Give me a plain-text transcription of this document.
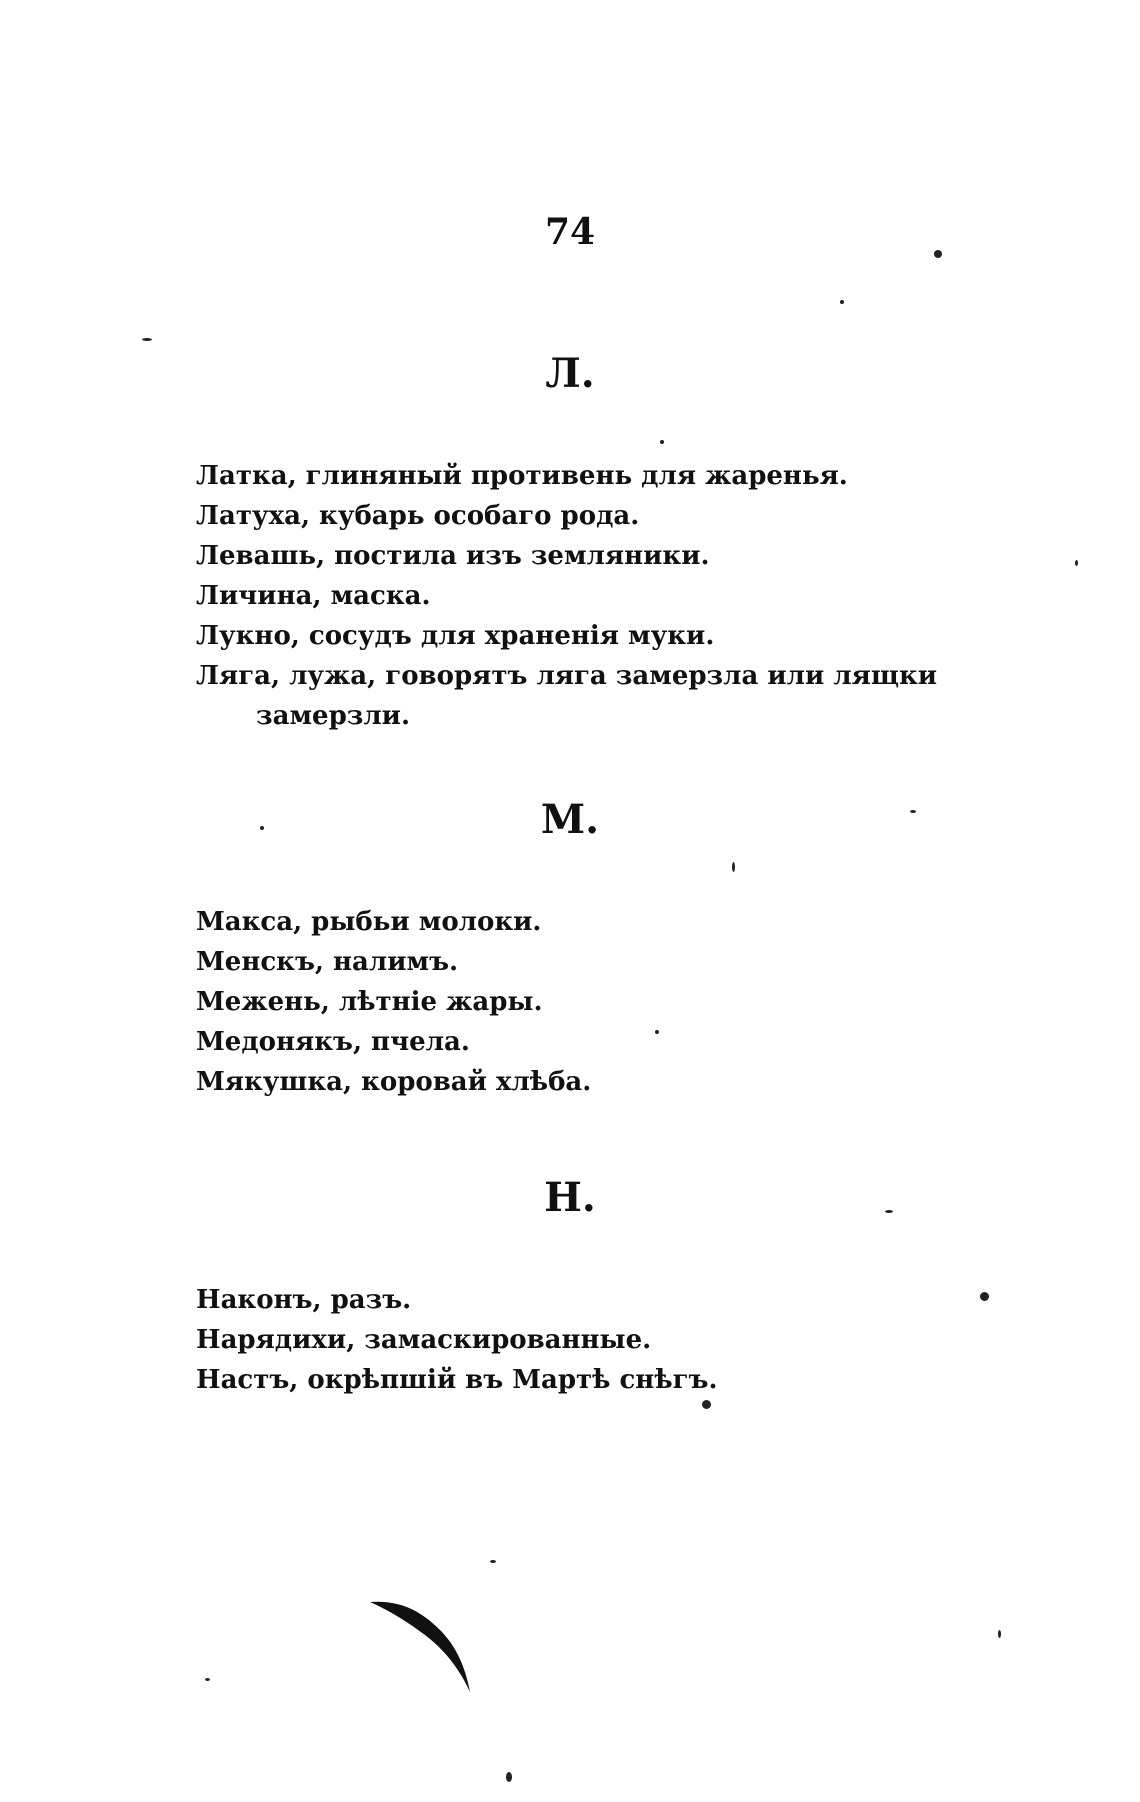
74
Л.
Латка, глиняный противень для жаренья.
Латуха, кубарь особаго рода.
Левашь, постила изъ земляники.
Личина, маска.
Лукно, сосудъ для храненія муки.
Ляга, лужа, говорятъ ляга замерзла или лящки замерзли.
М.
Макса, рыбьи молоки.
Менскъ, налимъ.
Межень, лѣтніе жары.
Медонякъ, пчела.
Мякушка, коровай хлѣба.
Н.
Наконъ, разъ.
Нарядихи, замаскированные.
Настъ, окрѣпшій въ Мартѣ снѣгъ.
